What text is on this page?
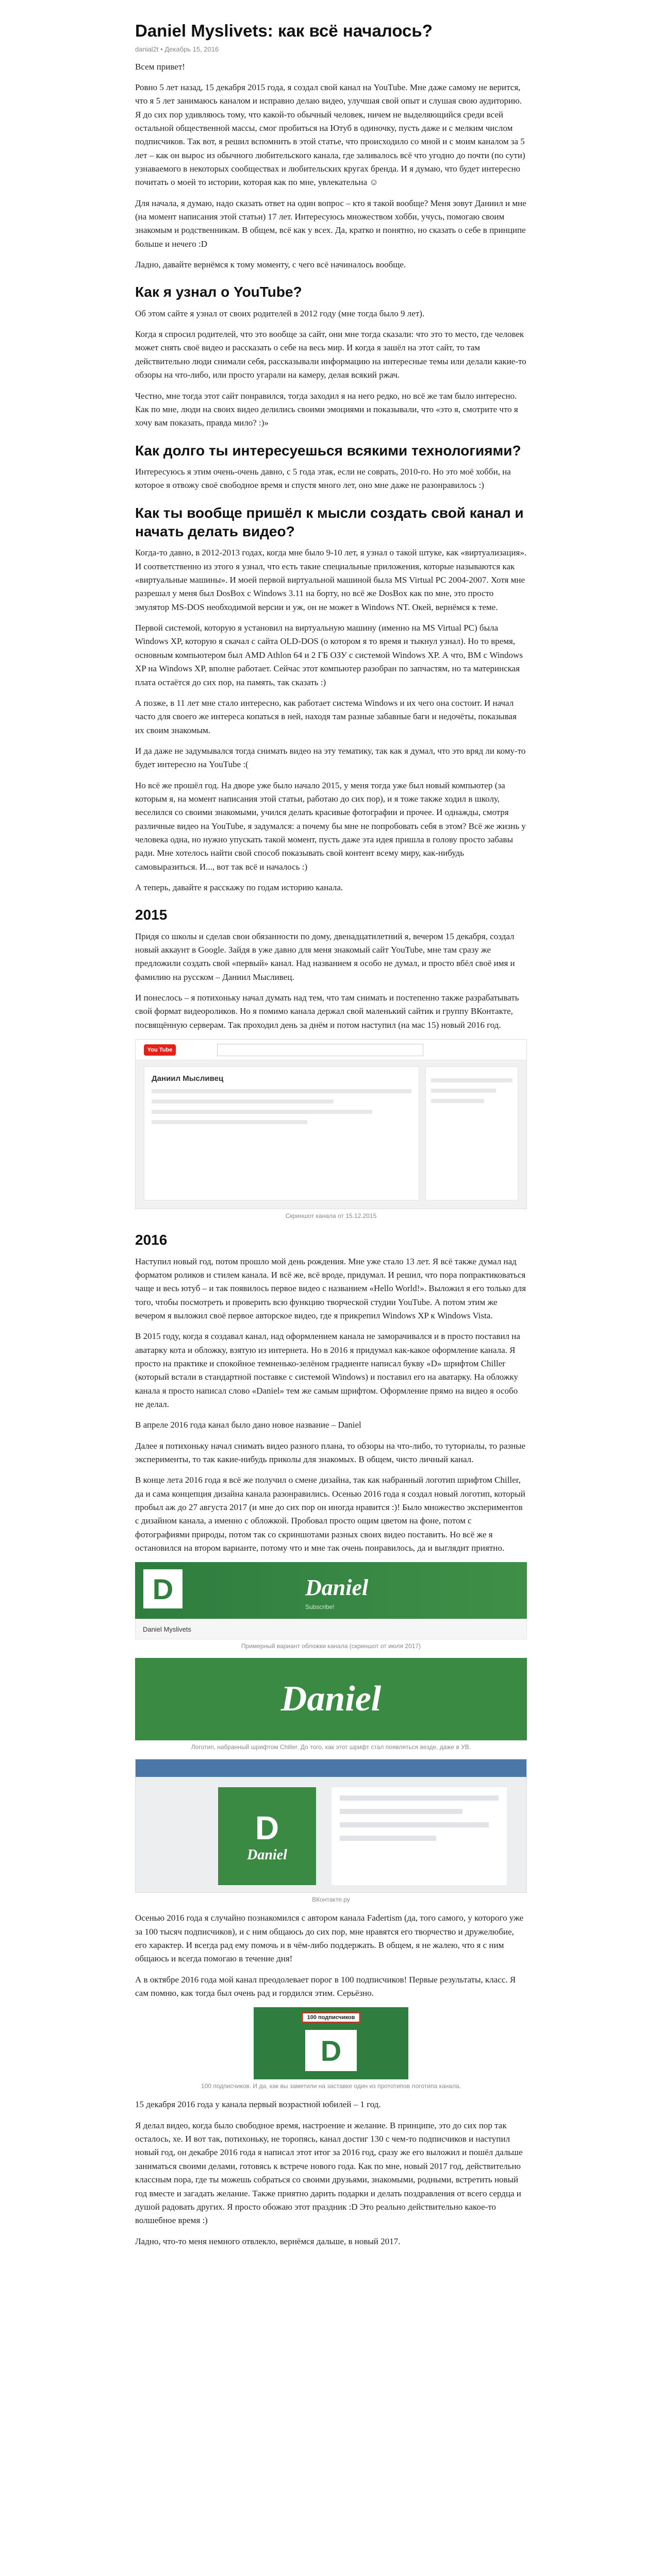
Daniel Myslivets: как всё началось?
danial2t • Декабрь 15, 2016

Всем привет!

Ровно 5 лет назад, 15 декабря 2015 года, я создал свой канал на YouTube. Мне даже самому не верится, что я 5 лет занимаюсь каналом и исправно делаю видео, улучшая свой опыт и слушая свою аудиторию. Я до сих пор удивляюсь тому, что какой-то обычный человек, ничем не выделяющийся среди всей остальной общественной массы, смог пробиться на Ютуб в одиночку, пусть даже и с мелким числом подписчиков. Так вот, я решил вспомнить в этой статье, что происходило со мной и с моим каналом за 5 лет – как он вырос из обычного любительского канала, где заливалось всё что угодно до почти (по сути) узнаваемого в некоторых сообществах и любительских кругах бренда. И я думаю, что будет интересно почитать о моей то истории, которая как по мне, увлекательна ☺

Для начала, я думаю, надо сказать ответ на один вопрос – кто я такой вообще? Меня зовут Даниил и мне (на момент написания этой статьи) 17 лет. Интересуюсь множеством хобби, учусь, помогаю своим знакомым и родственникам. В общем, всё как у всех. Да, кратко и понятно, но сказать о себе в принципе больше и нечего :D

Ладно, давайте вернёмся к тому моменту, с чего всё начиналось вообще.

Как я узнал о YouTube?

Об этом сайте я узнал от своих родителей в 2012 году (мне тогда было 9 лет).

Когда я спросил родителей, что это вообще за сайт, они мне тогда сказали: что это то место, где человек может снять своё видео и рассказать о себе на весь мир. И когда я зашёл на этот сайт, то там действительно люди снимали себя, рассказывали информацию на интересные темы или делали какие-то обзоры на что-либо, или просто угарали на камеру, делая всякий ржач.

Честно, мне тогда этот сайт понравился, тогда заходил я на него редко, но всё же там было интересно. Как по мне, люди на своих видео делились своими эмоциями и показывали, что «это я, смотрите что я хочу вам показать, правда мило? :)»

Как долго ты интересуешься всякими технологиями?

Интересуюсь я этим очень-очень давно, с 5 года этак, если не соврать, 2010-го. Но это моё хобби, на которое я отвожу своё свободное время и спустя много лет, оно мне даже не разонравилось :)

Как ты вообще пришёл к мысли создать свой канал и начать делать видео?

Когда-то давно, в 2012-2013 годах, когда мне было 9-10 лет, я узнал о такой штуке, как «виртуализация». И соответственно из этого я узнал, что есть такие специальные приложения, которые называются как «виртуальные машины». И моей первой виртуальной машиной была MS Virtual PC 2004-2007. Хотя мне разрешал у меня был DosBox с Windows 3.11 на борту, но всё же DosBox как по мне, это просто эмулятор MS-DOS необходимой версии и уж, он не может в Windows NT. Окей, вернёмся к теме.

Первой системой, которую я установил на виртуальную машину (именно на MS Virtual PC) была Windows XP, которую я скачал с сайта OLD-DOS (о котором я то время и тыкнул узнал). Но то время, основным компьютером был AMD Athlon 64 и 2 ГБ ОЗУ с системой Windows XP. А что, ВМ с Windows XP на Windows XP, вполне работает. Сейчас этот компьютер разобран по запчастям, но та материнская плата остаётся до сих пор, на память, так сказать :)

А позже, в 11 лет мне стало интересно, как работает система Windows и их чего она состоит. И начал часто для своего же интереса копаться в ней, находя там разные забавные баги и недочёты, показывая их своим знакомым.

И да даже не задумывался тогда снимать видео на эту тематику, так как я думал, что это вряд ли кому-то будет интересно на YouTube :(

Но всё же прошёл год. На дворе уже было начало 2015, у меня тогда уже был новый компьютер (за которым я, на момент написания этой статьи, работаю до сих пор), и я тоже также ходил в школу, веселился со своими знакомыми, учился делать красивые фотографии и прочее. И однажды, смотря различные видео на YouTube, я задумался: а почему бы мне не попробовать себя в этом? Всё же жизнь у человека одна, но нужно упускать такой момент, пусть даже эта идея пришла в голову просто забавы ради. Мне хотелось найти свой способ показывать свой контент всему миру, как-нибудь самовыразиться. И..., вот так всё и началось :)

А теперь, давайте я расскажу по годам историю канала.

2015

Придя со школы и сделав свои обязанности по дому, двенадцатилетний я, вечером 15 декабря, создал новый аккаунт в Google. Зайдя в уже давно для меня знакомый сайт YouTube, мне там сразу же предложили создать свой «первый» канал. Над названием я особо не думал, и просто вбёл своё имя и фамилию на русском – Даниил Мысливец.

И понеслось – я потихоньку начал думать над тем, что там снимать и постепенно также разрабатывать свой формат видеороликов. Но я помимо канала держал свой маленький сайтик и группу ВКонтакте, посвящённую серверам. Так проходил день за днём и потом наступил (на мас 15) новый 2016 год.

You Tube
Даниил Мысливец
Скриншот канала от 15.12.2015
2016

Наступил новый год, потом прошло мой день рождения. Мне уже стало 13 лет. Я всё также думал над форматом роликов и стилем канала. И всё же, всё вроде, придумал. И решил, что пора попрактиковаться чаще и весь ютуб – и так появилось первое видео с названием «Hello World!». Выложил я его только для того, чтобы посмотреть и проверить всю функцию творческой студии YouTube. А потом этим же вечером я выложил своё первое авторское видео, где я прикрепил Windows XP к Windows Vista.

В 2015 году, когда я создавал канал, над оформлением канала не заморачивался и в просто поставил на аватарку кота и обложку, взятую из интернета. Но в 2016 я придумал как-какое оформление канала. Я просто на практике и спокойное темненько-зелёном градиенте написал букву «D» шрифтом Chiller (который встали в стандартной поставке с системой Windows) и поставил его на аватарку. На обложку канала я просто написал слово «Daniel» тем же самым шрифтом. Оформление прямо на видео я особо не делал.

В апреле 2016 года канал было дано новое название – Daniel

Далее я потихоньку начал снимать видео разного плана, то обзоры на что-либо, то туториалы, то разные эксперименты, то так какие-нибудь приколы для знакомых. В общем, чисто личный канал.

В конце лета 2016 года я всё же получил о смене дизайна, так как набранный логотип шрифтом Chiller, да и сама концепция дизайна канала разонравились. Осенью 2016 года я создал новый логотип, который пробыл аж до 27 августа 2017 (и мне до сих пор он иногда нравится :)! Было множество экспериментов с дизайном канала, а именно с обложкой. Пробовал просто ощим цветом на фоне, потом с фотографиями природы, потом так со скриншотами разных своих видео поставить. Но всё же я остановился на втором варианте, потому что и мне так очень понравилось, да и выглядит приятно.

D	Daniel
Subscribe!
Daniel Myslivets
Примерный вариант обложки канала (скриншот от июля 2017)
Daniel
Логотип, набранный шрифтом Chiller. До того, как этот шрифт стал появляться везде, даже в УВ.
D
Daniel
ВКонтакте.ру

Осенью 2016 года я случайно познакомился с автором канала Fadertism (да, того самого, у которого уже за 100 тысяч подписчиков), и с ним общаюсь до сих пор, мне нравятся его творчество и дружелюбие, его характер. И всегда рад ему помочь и в чём-либо поддержать. В общем, я не жалею, что я с ним общаюсь и всегда помогаю в течение дня!

А в октябре 2016 года мой канал преодолевает порог в 100 подписчиков! Первые результаты, класс. Я сам помню, как тогда был очень рад и гордился этим. Серьёзно.

100 подписчиков
D
100 подписчиков. И да, как вы заметили на заставке один из прототипов логотипа канала.

15 декабря 2016 года у канала первый возрастной юбилей – 1 год.

Я делал видео, когда было свободное время, настроение и желание. В принципе, это до сих пор так осталось, хе. И вот так, потихоньку, не торопясь, канал достиг 130 с чем-то подписчиков и наступил новый год, он декабре 2016 года я написал этот итог за 2016 год, сразу же его выложил и пошёл дальше заниматься своими делами, готовясь к встрече нового года. Как по мне, новый 2017 год, действительно классным пора, где ты можешь собраться со своими друзьями, знакомыми, родными, встретить новый год вместе и загадать желание. Также приятно дарить подарки и делать поздравления от всего сердца и душой радовать других. Я просто обожаю этот праздник :D Это реально действительно какое-то волшебное время :)

Ладно, что-то меня немного отвлекло, вернёмся дальше, в новый 2017.
